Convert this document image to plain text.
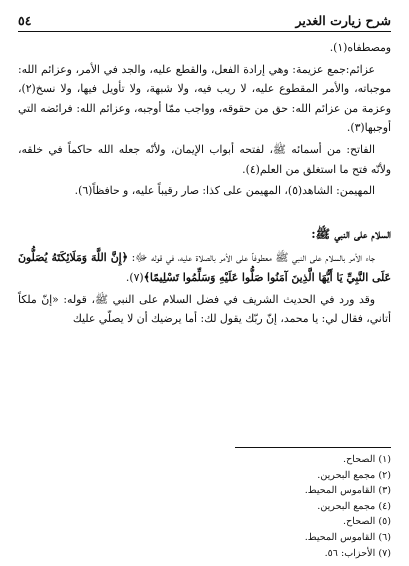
٥٤	شرح زيارت الغدير

ومصطفاه(١).

عزائم:جمع عزيمة: وهي إرادة الفعل، والقطع عليه، والجد في الأمر، وعزائم الله: موجباته، والأمر المقطوع عليه، لا ريب فيه، ولا شبهة، ولا تأويل فيها، ولا نسخ(٢)، وعزمة من عزائم الله: حق من حقوقه، وواجب ممّا أوجبه، وعزائم الله: فرائضه التي أوجبها(٣).

الفاتح: من أسمائه ﷺ، لفتحه أبواب الإيمان، ولأنّه جعله الله حاكماً في خلقه، ولأنّه فتح ما استغلق من العلم(٤).

المهيمن: الشاهد(٥)، المهيمن على كذا: صار رقيباً عليه، و حافظاً(٦).

السلام على النبي ﷺ:

جاء الأمر بالسلام على النبي ﷺ معطوفاً على الأمر بالصلاة عليه، في قوله ﷻ: ﴿إِنَّ اللَّهَ وَمَلَائِكَتَهُ يُصَلُّونَ عَلَى النَّبِيِّ يَا أَيُّهَا الَّذِينَ آمَنُوا صَلُّوا عَلَيْهِ وَسَلِّمُوا تَسْلِيمًا﴾(٧).

وقد ورد في الحديث الشريف في فضل السلام على النبي ﷺ، قوله: «إنّ ملكاً أتاني، فقال لي: يا محمد، إنّ ربّك يقول لك: أما يرضيك أن لا يصلّي عليك

(١) الصحاح.
(٢) مجمع البحرين.
(٣) القاموس المحيط.
(٤) مجمع البحرين.
(٥) الصحاح.
(٦) القاموس المحيط.
(٧) الأحزاب: ٥٦.
